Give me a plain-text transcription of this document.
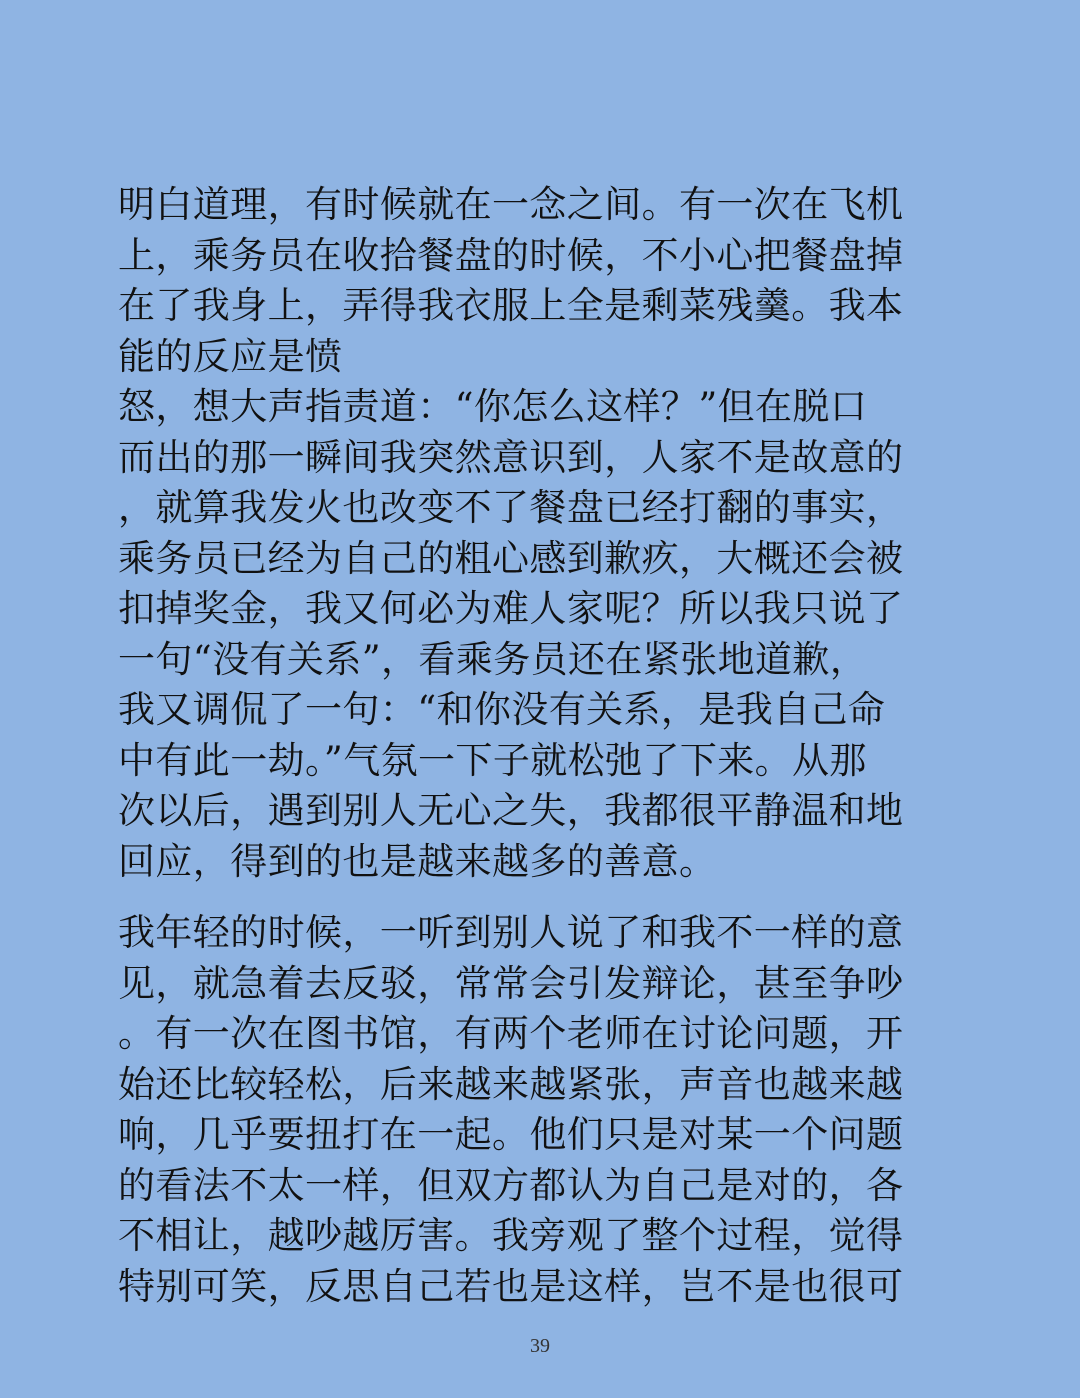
明白道理，有时候就在一念之间。有一次在飞机
上，乘务员在收拾餐盘的时候，不小心把餐盘掉
在了我身上，弄得我衣服上全是剩菜残羹。我本
能的反应是愤
怒，想大声指责道：“你怎么这样？”但在脱口
而出的那一瞬间我突然意识到，人家不是故意的
，就算我发火也改变不了餐盘已经打翻的事实，
乘务员已经为自己的粗心感到歉疚，大概还会被
扣掉奖金，我又何必为难人家呢？所以我只说了
一句“没有关系”，看乘务员还在紧张地道歉，
我又调侃了一句：“和你没有关系，是我自己命
中有此一劫。”气氛一下子就松弛了下来。从那
次以后，遇到别人无心之失，我都很平静温和地
回应，得到的也是越来越多的善意。
我年轻的时候，一听到别人说了和我不一样的意
见，就急着去反驳，常常会引发辩论，甚至争吵
。有一次在图书馆，有两个老师在讨论问题，开
始还比较轻松，后来越来越紧张，声音也越来越
响，几乎要扭打在一起。他们只是对某一个问题
的看法不太一样，但双方都认为自己是对的，各
不相让，越吵越厉害。我旁观了整个过程，觉得
特别可笑，反思自己若也是这样，岂不是也很可
39
